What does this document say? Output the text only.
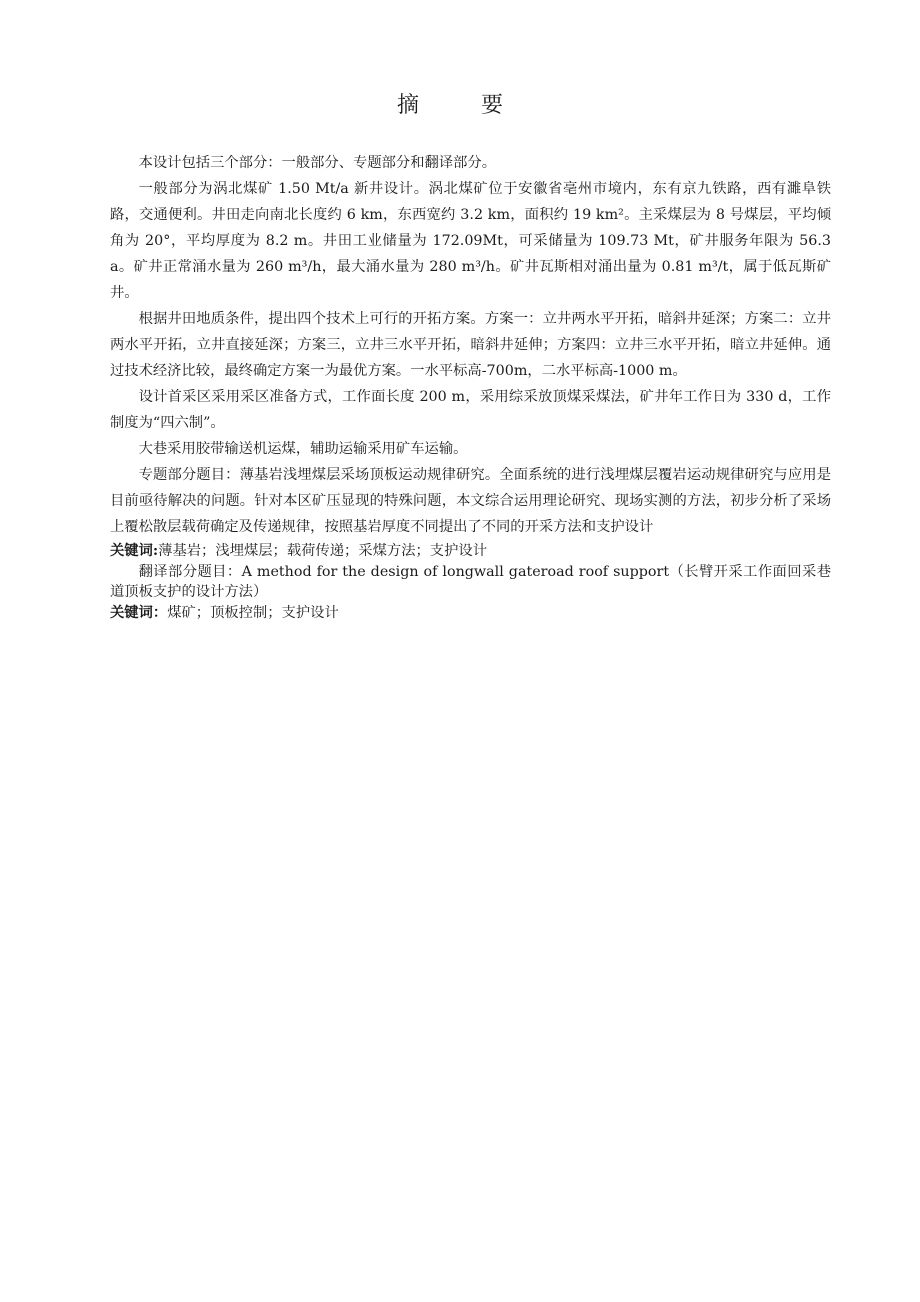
摘　要

本设计包括三个部分：一般部分、专题部分和翻译部分。

一般部分为涡北煤矿 1.50 Mt/a 新井设计。涡北煤矿位于安徽省亳州市境内，东有京九铁路，西有濉阜铁路，交通便利。井田走向南北长度约 6 km，东西宽约 3.2 km，面积约 19 km²。主采煤层为 8 号煤层，平均倾角为 20°，平均厚度为 8.2 m。井田工业储量为 172.09Mt，可采储量为 109.73 Mt，矿井服务年限为 56.3 a。矿井正常涌水量为 260 m³/h，最大涌水量为 280 m³/h。矿井瓦斯相对涌出量为 0.81 m³/t，属于低瓦斯矿井。

根据井田地质条件，提出四个技术上可行的开拓方案。方案一：立井两水平开拓，暗斜井延深；方案二：立井两水平开拓，立井直接延深；方案三，立井三水平开拓，暗斜井延伸；方案四：立井三水平开拓，暗立井延伸。通过技术经济比较，最终确定方案一为最优方案。一水平标高-700m，二水平标高-1000 m。

设计首采区采用采区准备方式，工作面长度 200 m，采用综采放顶煤采煤法，矿井年工作日为 330 d，工作制度为“四六制”。

大巷采用胶带输送机运煤，辅助运输采用矿车运输。

专题部分题目：薄基岩浅埋煤层采场顶板运动规律研究。全面系统的进行浅埋煤层覆岩运动规律研究与应用是目前亟待解决的问题。针对本区矿压显现的特殊问题，本文综合运用理论研究、现场实测的方法，初步分析了采场上覆松散层载荷确定及传递规律，按照基岩厚度不同提出了不同的开采方法和支护设计

关键词:薄基岩；浅埋煤层；载荷传递；采煤方法；支护设计

翻译部分题目：A method for the design of longwall gateroad roof support（长臂开采工作面回采巷道顶板支护的设计方法）

关键词：煤矿；顶板控制；支护设计
